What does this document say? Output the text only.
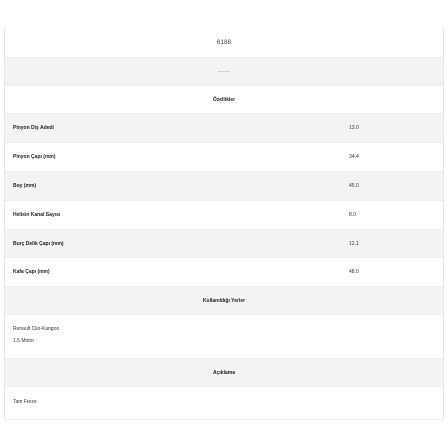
6188
-----
Özellikler
Pinyon Diş Adedi	13.0
Pinyon Çapı (mm)	34.4
Boy (mm)	45.0
Helisin Kanal Sayısı	8.0
Burç Delik Çapı (mm)	12.1
Kafa Çapı (mm)	48.0
Kullanıldığı Yerler
Renault Clio-Kangoo
1.5 Motor
Açıklama
Tam Freze
